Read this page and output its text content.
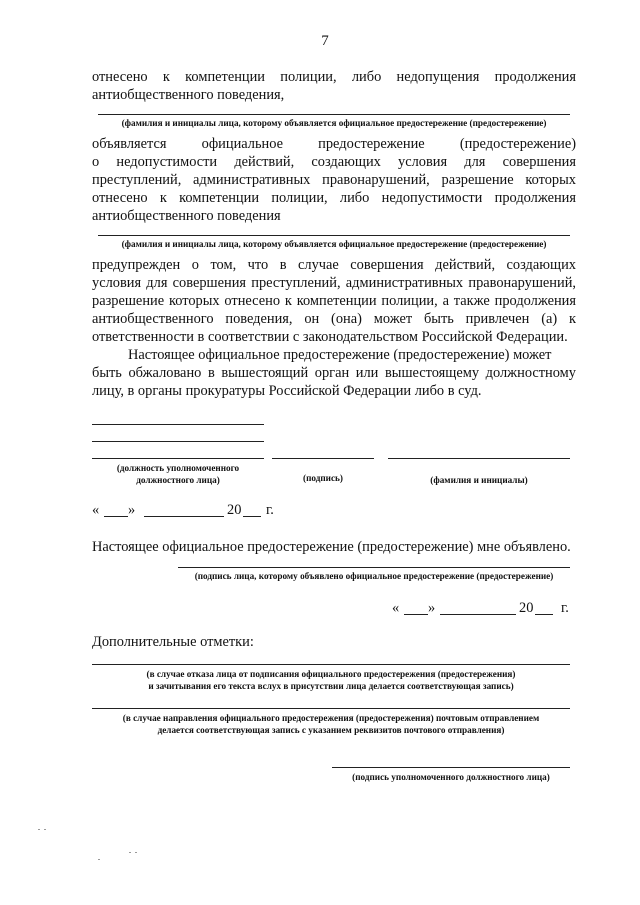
7
отнесено к компетенции полиции, либо недопущения продолжения
антиобщественного поведения,
(фамилия и инициалы лица, которому объявляется официальное предостережение (предостережение)
объявляется официальное предостережение (предостережение)
о недопустимости действий, создающих условия для совершения
преступлений, административных правонарушений, разрешение которых
отнесено к компетенции полиции, либо недопустимости продолжения
антиобщественного поведения
(фамилия и инициалы лица, которому объявляется официальное предостережение (предостережение)
предупрежден о том, что в случае совершения действий, создающих
условия для совершения преступлений, административных правонарушений,
разрешение которых отнесено к компетенции полиции, а также продолжения
антиобщественного поведения, он (она) может быть привлечен (а) к
ответственности в соответствии с законодательством Российской Федерации.
Настоящее официальное предостережение (предостережение) может
быть обжаловано в вышестоящий орган или вышестоящему должностному
лицу, в органы прокуратуры Российской Федерации либо в суд.
(должность уполномоченного
должностного лица)	(подпись)	(фамилия и инициалы)
« »	20 г.
Настоящее официальное предостережение (предостережение) мне объявлено.
(подпись лица, которому объявлено официальное предостережение (предостережение)
« »	20 г.
Дополнительные отметки:
(в случае отказа лица от подписания официального предостережения (предостережения)
и зачитывания его текста вслух в присутствии лица делается соответствующая запись)
(в случае направления официального предостережения (предостережения) почтовым отправлением
делается соответствующая запись с указанием реквизитов почтового отправления)
(подпись уполномоченного должностного лица)
